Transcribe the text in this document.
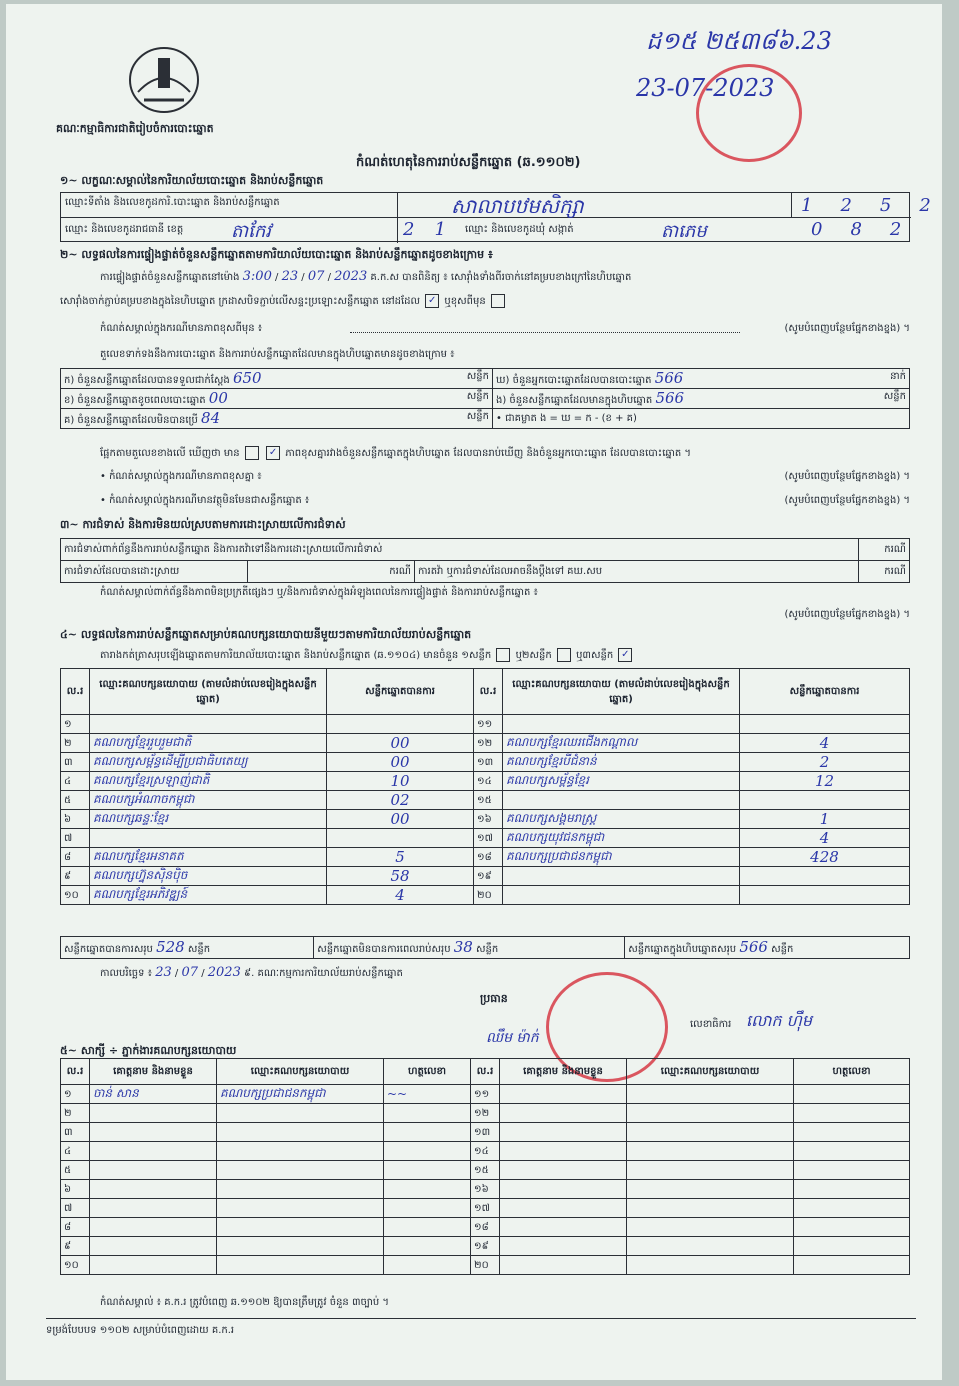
គណៈកម្មាធិការជាតិរៀបចំការបោះឆ្នោត
ដ១៥ ២៥៣៨៦.23
23-07-2023
កំណត់ហេតុនៃការរាប់សន្លឹកឆ្នោត (ឆ.១១០២)
១~ លក្ខណៈសម្គាល់នៃការិយាល័យបោះឆ្នោត និងរាប់សន្លឹកឆ្នោត
ឈ្មោះទីតាំង និងលេខកូដការិ.បោះឆ្នោត និងរាប់សន្លឹកឆ្នោត	សាលាបឋមសិក្សា	1252
ឈ្មោះ និងលេខកូដរាជធានី ខេត្ត	តាកែវ	21 ឈ្មោះ និងលេខកូដឃុំ សង្កាត់	តាភេម	082
២~ លទ្ធផលនៃការផ្ទៀងផ្ទាត់ចំនួនសន្លឹកឆ្នោតតាមការិយាល័យបោះឆ្នោត និងរាប់សន្លឹកឆ្នោតដូចខាងក្រោម ៖
ការផ្ទៀងផ្ទាត់ចំនួនសន្លឹកឆ្នោតនៅម៉ោង 3:00 / 23 / 07 / 2023 គ.ក.ស បានពិនិត្យ ៖ សោរ៉ាំងទាំងពីរចាក់នៅគម្របខាងក្រៅនៃហិបឆ្នោត
សោរ៉ាំងចាក់ភ្ជាប់គម្របខាងក្នុងនៃហិបឆ្នោត ក្រដាសបិទភ្ជាប់លើសន្ទះប្រឡោះសន្លឹកឆ្នោត នៅដដែល ✓ ឬខុសពីមុន
កំណត់សម្គាល់ក្នុងករណីមានភាពខុសពីមុន ៖	(សូមបំពេញបន្ថែមផ្នែកខាងខ្នង) ។
តួលេខទាក់ទងនឹងការបោះឆ្នោត និងការរាប់សន្លឹកឆ្នោតដែលមានក្នុងហិបឆ្នោតមានដូចខាងក្រោម ៖
ក) ចំនួនសន្លឹកឆ្នោតដែលបានទទួលជាក់ស្តែង 650 សន្លឹក	ឃ) ចំនួនអ្នកបោះឆ្នោតដែលបានបោះឆ្នោត 566 នាក់

ខ) ចំនួនសន្លឹកឆ្នោតខូចពេលបោះឆ្នោត 00 សន្លឹក	ង) ចំនួនសន្លឹកឆ្នោតដែលមានក្នុងហិបឆ្នោត 566 សន្លឹក

គ) ចំនួនសន្លឹកឆ្នោតដែលមិនបានប្រើ 84 សន្លឹក	• ជាគម្លាត ង = ឃ = ក - (ខ + គ)
ផ្អែកតាមតួលេខខាងលើ ឃើញថា មាន	✓ ភាពខុសគ្នារវាងចំនួនសន្លឹកឆ្នោតក្នុងហិបឆ្នោត ដែលបានរាប់ឃើញ និងចំនួនអ្នកបោះឆ្នោត ដែលបានបោះឆ្នោត ។
• កំណត់សម្គាល់ក្នុងករណីមានភាពខុសគ្នា ៖	(សូមបំពេញបន្ថែមផ្នែកខាងខ្នង) ។
• កំណត់សម្គាល់ក្នុងករណីមានវត្ថុមិនមែនជាសន្លឹកឆ្នោត ៖	(សូមបំពេញបន្ថែមផ្នែកខាងខ្នង) ។
៣~ ការជំទាស់ និងការមិនយល់ស្របតាមការដោះស្រាយលើការជំទាស់
ការជំទាស់ពាក់ព័ន្ធនឹងការរាប់សន្លឹកឆ្នោត និងការតវ៉ាទៅនឹងការដោះស្រាយលើការជំទាស់			ករណី
ការជំទាស់ដែលបានដោះស្រាយ	ករណី	ការតវ៉ា ឬការជំទាស់ដែលអាចនឹងប្តឹងទៅ គឃ.សប	ករណី
កំណត់សម្គាល់ពាក់ព័ន្ធនឹងភាពមិនប្រក្រតីផ្សេងៗ ឬ/និងការជំទាស់ក្នុងអំឡុងពេលនៃការផ្ទៀងផ្ទាត់ និងការរាប់សន្លឹកឆ្នោត ៖
(សូមបំពេញបន្ថែមផ្នែកខាងខ្នង) ។
៤~ លទ្ធផលនៃការរាប់សន្លឹកឆ្នោតសម្រាប់គណបក្សនយោបាយនីមួយៗតាមការិយាល័យរាប់សន្លឹកឆ្នោត
តារាងកត់ត្រាសរុបឡើងឆ្នោតតាមការិយាល័យបោះឆ្នោត និងរាប់សន្លឹកឆ្នោត (ឆ.១១០៤) មានចំនួន ១សន្លឹក ឬ២សន្លឹក ឬ៣សន្លឹក ✓
ល.រ	ឈ្មោះគណបក្សនយោបាយ (តាមលំដាប់លេខរៀងក្នុងសន្លឹកឆ្នោត)	សន្លឹកឆ្នោតបានការ	ល.រ	ឈ្មោះគណបក្សនយោបាយ (តាមលំដាប់លេខរៀងក្នុងសន្លឹកឆ្នោត)	សន្លឹកឆ្នោតបានការ
១			១១		
២	គណបក្សខ្មែររួបរួមជាតិ	00	១២	គណបក្សខ្មែរឈរជើងកណ្តាល	4
៣	គណបក្សសម្ព័ន្ធដើម្បីប្រជាធិបតេយ្យ	00	១៣	គណបក្សខ្មែរបីជំនាន់	2
៤	គណបក្សខ្មែរស្រឡាញ់ជាតិ	10	១៤	គណបក្សសម្ព័ន្ធខ្មែរ	12
៥	គណបក្សអំណាចកម្ពុជា	02	១៥		
៦	គណបក្សឆន្ទៈខ្មែរ	00	១៦	គណបក្សសង្គមរាស្ត្រ	1
៧			១៧	គណបក្សយុវជនកម្ពុជា	4
៨	គណបក្សខ្មែរអនាគត	5	១៨	គណបក្សប្រជាជនកម្ពុជា	428
៩	គណបក្សហ្វ៊ុនស៊ិនប៉ិច	58	១៩		
១០	គណបក្សខ្មែរអភិវឌ្ឍន៍	4	២០		
សន្លឹកឆ្នោតបានការសរុប 528 សន្លឹក	សន្លឹកឆ្នោតមិនបានការពេលរាប់សរុប 38 សន្លឹក	សន្លឹកឆ្នោតក្នុងហិបឆ្នោតសរុប 566 សន្លឹក
កាលបរិច្ឆេទ ៖ 23 / 07 / 2023 ៩. គណៈកម្មការការិយាល័យរាប់សន្លឹកឆ្នោត
ប្រធាន
ឈឹម ម៉ាក់
លេខាធិការ លោក ហ៊ឹម
៥~ សាក្សី ÷ ភ្នាក់ងារគណបក្សនយោបាយ
ល.រ	គោត្តនាម និងនាមខ្លួន	ឈ្មោះគណបក្សនយោបាយ	ហត្ថលេខា	ល.រ	គោត្តនាម និងនាមខ្លួន	ឈ្មោះគណបក្សនយោបាយ	ហត្ថលេខា
១	ចាន់ សាន	គណបក្សប្រជាជនកម្ពុជា	~~	១១			
២				១២			
៣				១៣			
៤				១៤			
៥				១៥			
៦				១៦			
៧				១៧			
៨				១៨			
៩				១៩			
១០				២០			
កំណត់សម្គាល់ ៖ គ.ក.រ ត្រូវបំពេញ ឆ.១១០២ ឱ្យបានត្រឹមត្រូវ ចំនួន ៣ច្បាប់ ។
ទម្រង់បែបបទ ១១០២ សម្រាប់បំពេញដោយ គ.ក.រ
